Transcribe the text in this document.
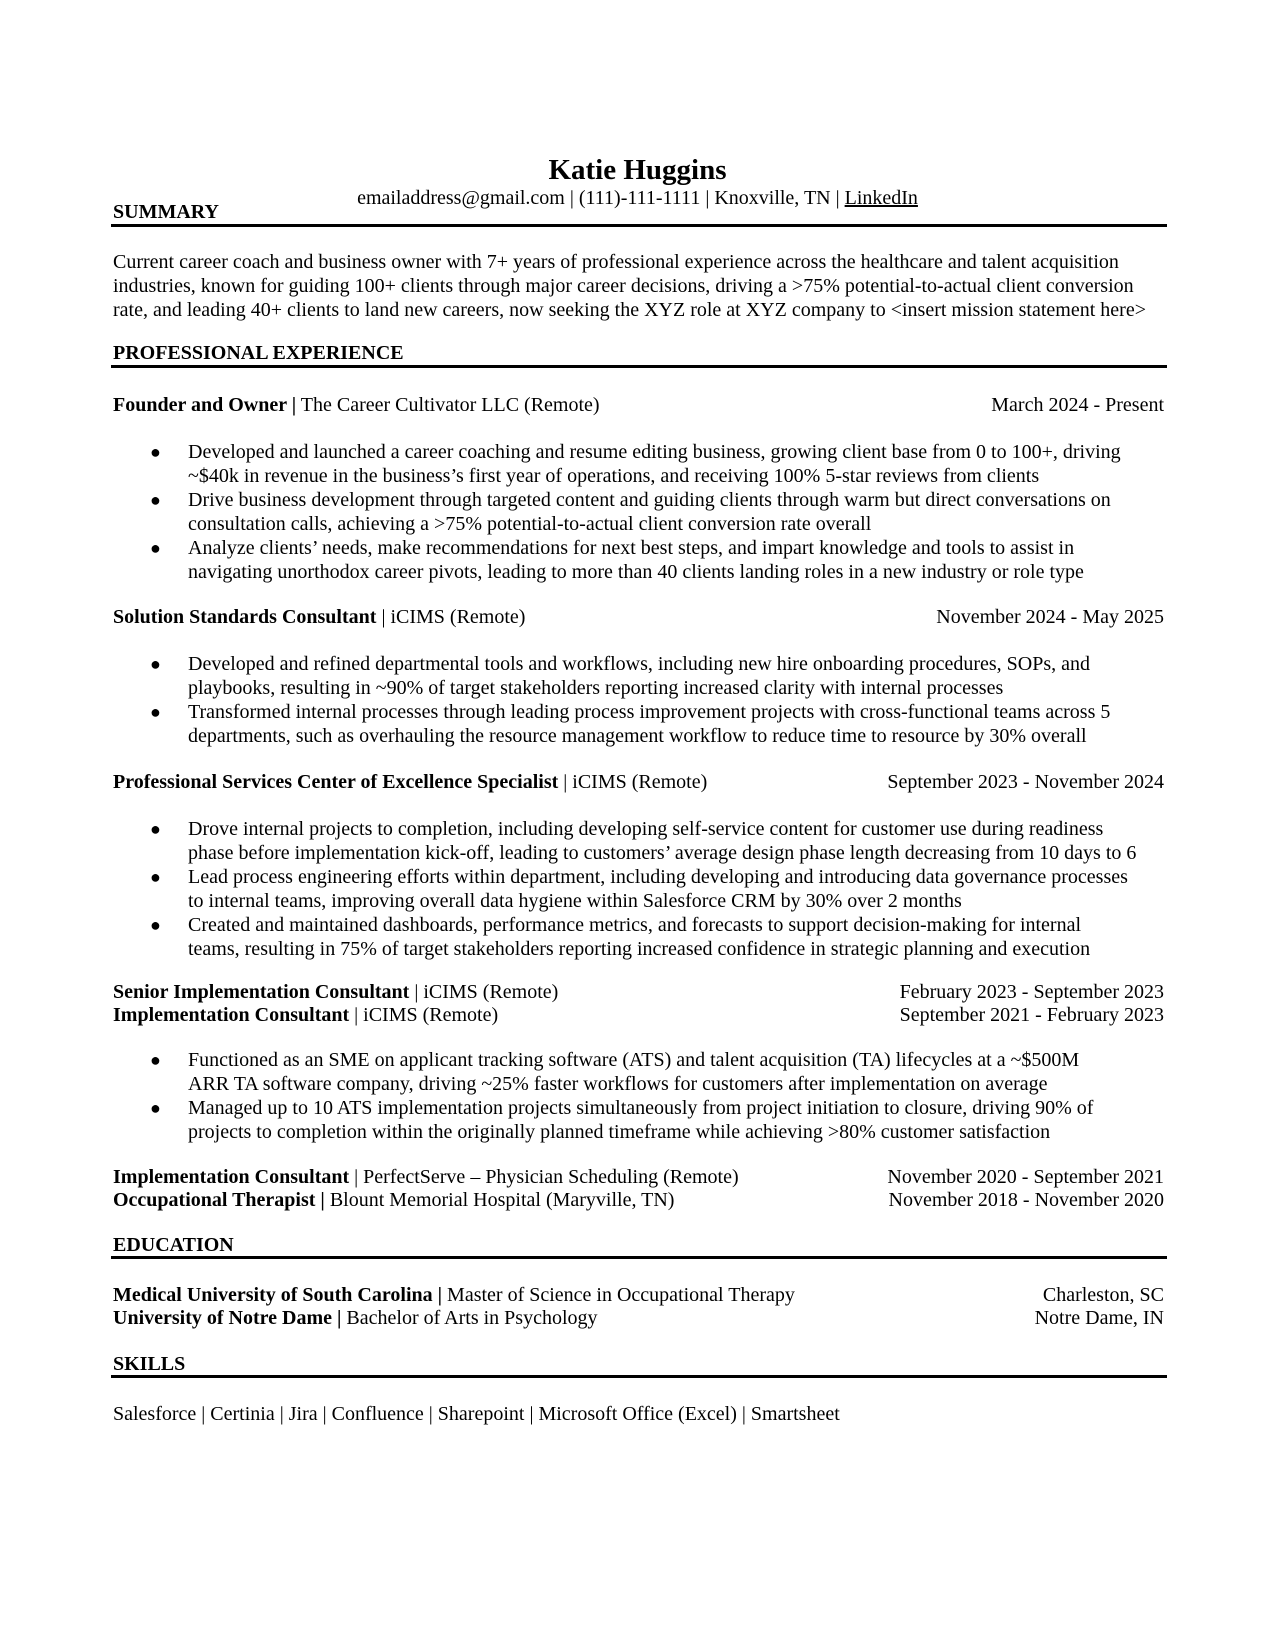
Katie Huggins
emailaddress@gmail.com | (111)-111-1111 | Knoxville, TN | LinkedIn
SUMMARY
Current career coach and business owner with 7+ years of professional experience across the healthcare and talent acquisition
industries, known for guiding 100+ clients through major career decisions, driving a >75% potential-to-actual client conversion
rate, and leading 40+ clients to land new careers, now seeking the XYZ role at XYZ company to <insert mission statement here>
PROFESSIONAL EXPERIENCE
Founder and Owner | The Career Cultivator LLC (Remote)	March 2024 - Present
● Developed and launched a career coaching and resume editing business, growing client base from 0 to 100+, driving
~$40k in revenue in the business’s first year of operations, and receiving 100% 5-star reviews from clients
● Drive business development through targeted content and guiding clients through warm but direct conversations on
consultation calls, achieving a >75% potential-to-actual client conversion rate overall
● Analyze clients’ needs, make recommendations for next best steps, and impart knowledge and tools to assist in
navigating unorthodox career pivots, leading to more than 40 clients landing roles in a new industry or role type
Solution Standards Consultant | iCIMS (Remote)	November 2024 - May 2025
● Developed and refined departmental tools and workflows, including new hire onboarding procedures, SOPs, and
playbooks, resulting in ~90% of target stakeholders reporting increased clarity with internal processes
● Transformed internal processes through leading process improvement projects with cross-functional teams across 5
departments, such as overhauling the resource management workflow to reduce time to resource by 30% overall
Professional Services Center of Excellence Specialist | iCIMS (Remote)	September 2023 - November 2024
● Drove internal projects to completion, including developing self-service content for customer use during readiness
phase before implementation kick-off, leading to customers’ average design phase length decreasing from 10 days to 6
● Lead process engineering efforts within department, including developing and introducing data governance processes
to internal teams, improving overall data hygiene within Salesforce CRM by 30% over 2 months
● Created and maintained dashboards, performance metrics, and forecasts to support decision-making for internal
teams, resulting in 75% of target stakeholders reporting increased confidence in strategic planning and execution
Senior Implementation Consultant | iCIMS (Remote)	February 2023 - September 2023
Implementation Consultant | iCIMS (Remote)	September 2021 - February 2023
● Functioned as an SME on applicant tracking software (ATS) and talent acquisition (TA) lifecycles at a ~$500M
ARR TA software company, driving ~25% faster workflows for customers after implementation on average
● Managed up to 10 ATS implementation projects simultaneously from project initiation to closure, driving 90% of
projects to completion within the originally planned timeframe while achieving >80% customer satisfaction
Implementation Consultant | PerfectServe – Physician Scheduling (Remote)	November 2020 - September 2021
Occupational Therapist | Blount Memorial Hospital (Maryville, TN)	November 2018 - November 2020
EDUCATION
Medical University of South Carolina | Master of Science in Occupational Therapy	Charleston, SC
University of Notre Dame | Bachelor of Arts in Psychology	Notre Dame, IN
SKILLS
Salesforce | Certinia | Jira | Confluence | Sharepoint | Microsoft Office (Excel) | Smartsheet
